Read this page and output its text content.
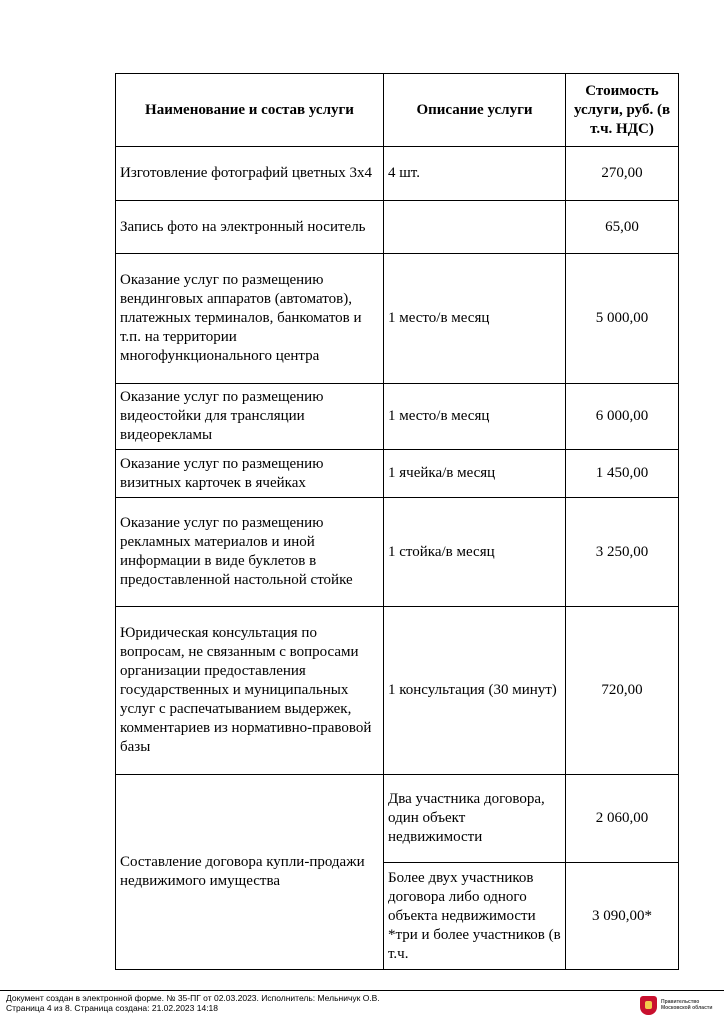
Наименование и состав услуги	Описание услуги	Стоимость услуги, руб. (в т.ч. НДС)
Изготовление фотографий цветных 3х4	4 шт.	270,00
Запись фото на электронный носитель		65,00
Оказание услуг по размещению вендинговых аппаратов (автоматов), платежных терминалов, банкоматов и т.п. на территории многофункционального центра	1 место/в месяц	5 000,00
Оказание услуг по размещению видеостойки для трансляции видеорекламы	1 место/в месяц	6 000,00
Оказание услуг по размещению визитных карточек в ячейках	1 ячейка/в месяц	1 450,00
Оказание услуг по размещению рекламных материалов и иной информации в виде буклетов в предоставленной настольной стойке	1 стойка/в месяц	3 250,00
Юридическая консультация по вопросам, не связанным с вопросами организации предоставления государственных и муниципальных услуг с распечатыванием выдержек, комментариев из нормативно-правовой базы	1 консультация (30 минут)	720,00
Составление договора купли-продажи недвижимого имущества	Два участника договора, один объект недвижимости	2 060,00
	Более двух участников договора либо одного объекта недвижимости *три и более участников (в т.ч.	3 090,00*
Документ создан в электронной форме. № 35-ПГ от 02.03.2023. Исполнитель: Мельничук О.В.
Страница 4 из 8. Страница создана: 21.02.2023 14:18
Правительство
Московской области
